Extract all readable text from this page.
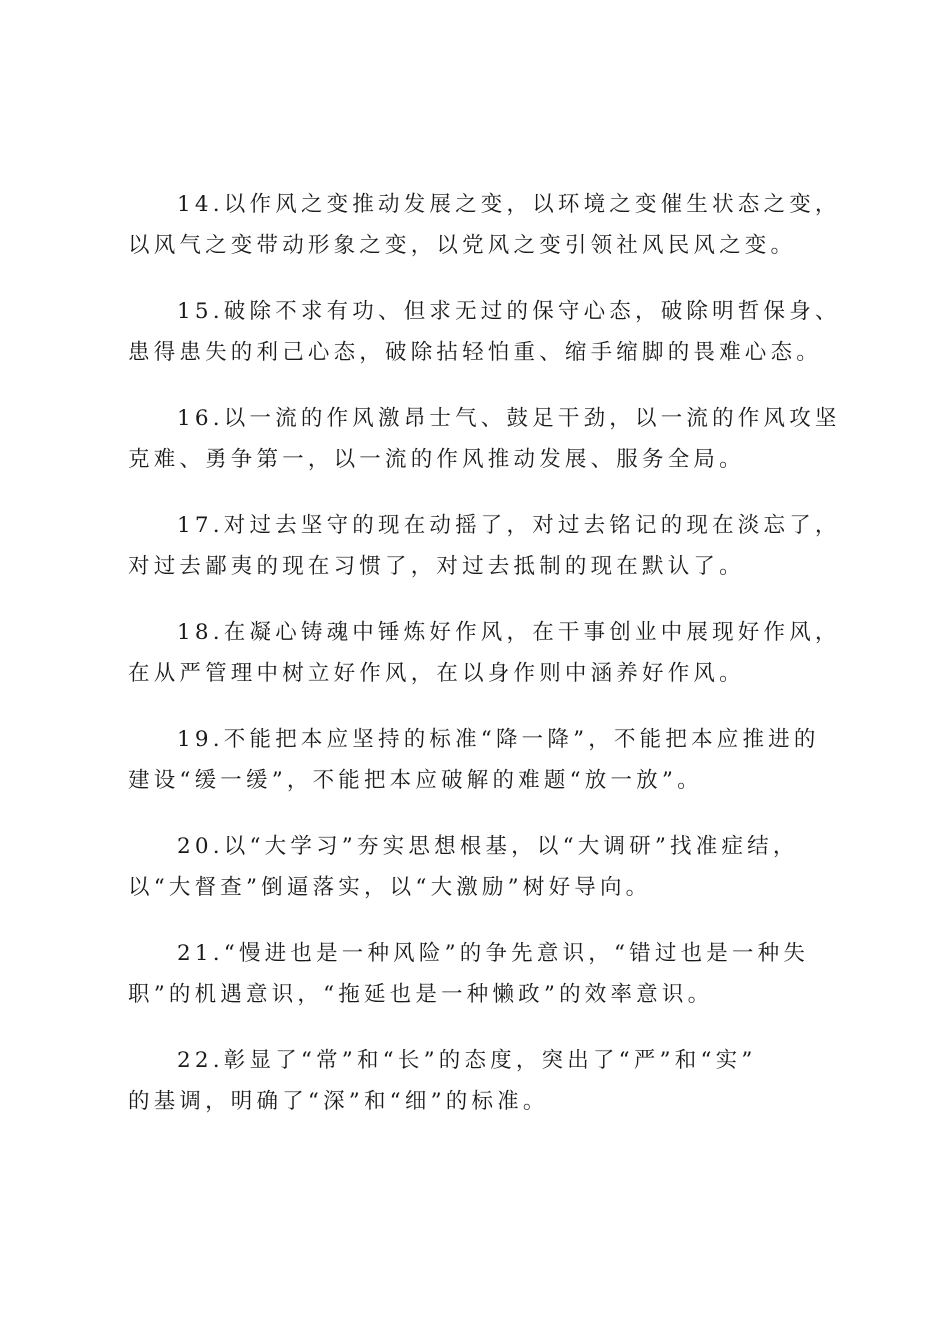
14.以作风之变推动发展之变，以环境之变催生状态之变，
以风气之变带动形象之变，以党风之变引领社风民风之变。

15.破除不求有功、但求无过的保守心态，破除明哲保身、
患得患失的利己心态，破除拈轻怕重、缩手缩脚的畏难心态。

16.以一流的作风激昂士气、鼓足干劲，以一流的作风攻坚
克难、勇争第一，以一流的作风推动发展、服务全局。

17.对过去坚守的现在动摇了，对过去铭记的现在淡忘了，
对过去鄙夷的现在习惯了，对过去抵制的现在默认了。

18.在凝心铸魂中锤炼好作风，在干事创业中展现好作风，
在从严管理中树立好作风，在以身作则中涵养好作风。

19.不能把本应坚持的标准“降一降”，不能把本应推进的
建设“缓一缓”，不能把本应破解的难题“放一放”。

20.以“大学习”夯实思想根基，以“大调研”找准症结，
以“大督查”倒逼落实，以“大激励”树好导向。

21.“慢进也是一种风险”的争先意识，“错过也是一种失
职”的机遇意识，“拖延也是一种懒政”的效率意识。

22.彰显了“常”和“长”的态度，突出了“严”和“实”
的基调，明确了“深”和“细”的标准。
